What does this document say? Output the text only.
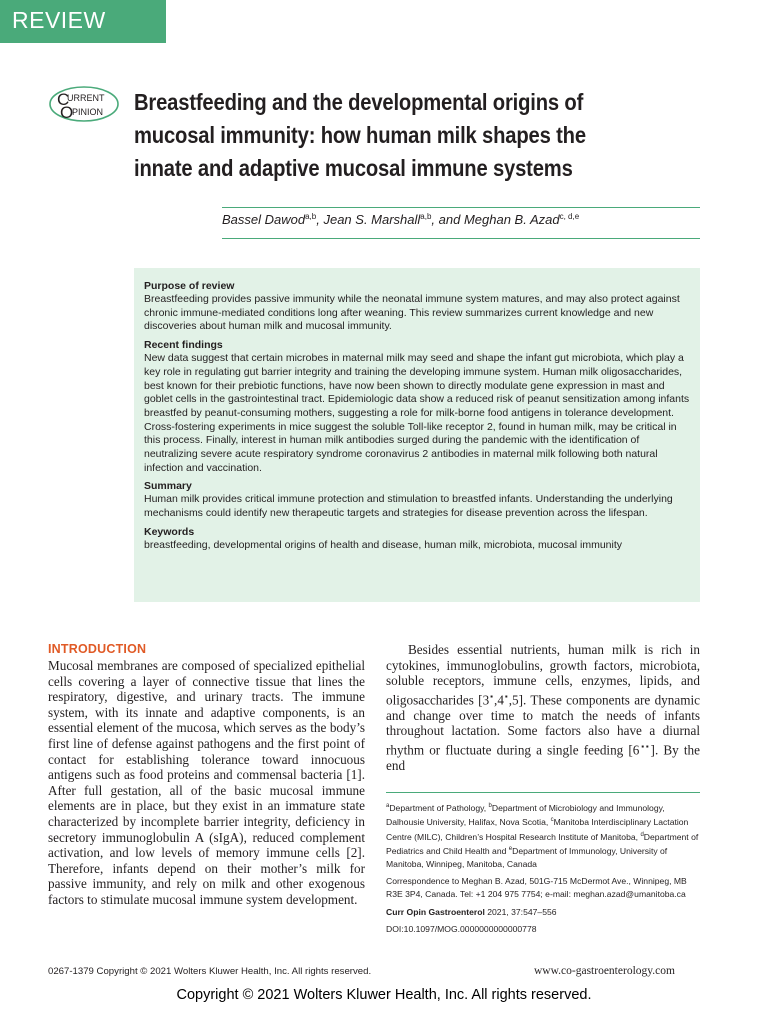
REVIEW
C
URRENT
O
PINION Breastfeeding and the developmental origins of
mucosal immunity: how human milk shapes the
innate and adaptive mucosal immune systems
Bassel Dawod$^{a,b}$, Jean S. Marshall$^{a,b}$, and Meghan B. Azad$^{c, d,e}$
Purpose of review

Breastfeeding provides passive immunity while the neonatal immune system matures, and may also protect against chronic immune-mediated conditions long after weaning. This review summarizes current knowledge and new discoveries about human milk and mucosal immunity.

Recent findings

New data suggest that certain microbes in maternal milk may seed and shape the infant gut microbiota, which play a key role in regulating gut barrier integrity and training the developing immune system. Human milk oligosaccharides, best known for their prebiotic functions, have now been shown to directly modulate gene expression in mast and goblet cells in the gastrointestinal tract. Epidemiologic data show a reduced risk of peanut sensitization among infants breastfed by peanut-consuming mothers, suggesting a role for milk-borne food antigens in tolerance development. Cross-fostering experiments in mice suggest the soluble Toll-like receptor 2, found in human milk, may be critical in this process. Finally, interest in human milk antibodies surged during the pandemic with the identification of neutralizing severe acute respiratory syndrome coronavirus 2 antibodies in maternal milk following both natural infection and vaccination.

Summary

Human milk provides critical immune protection and stimulation to breastfed infants. Understanding the underlying mechanisms could identify new therapeutic targets and strategies for disease prevention across the lifespan.

Keywords

breastfeeding, developmental origins of health and disease, human milk, microbiota, mucosal immunity

INTRODUCTION

Mucosal membranes are composed of specialized epithelial cells covering a layer of connective tissue that lines the respiratory, digestive, and urinary tracts. The immune system, with its innate and adaptive components, is an essential element of the mucosa, which serves as the body’s first line of defense against pathogens and the first point of contact for establishing tolerance toward innocuous antigens such as food proteins and commensal bacteria [1]. After full gestation, all of the basic mucosal immune elements are in place, but they exist in an immature state characterized by incomplete barrier integrity, deficiency in secretory immunoglobulin A (sIgA), reduced complement activation, and low levels of memory immune cells [2]. Therefore, infants depend on their mother’s milk for passive immunity, and rely on milk and other exogenous factors to stimulate mucosal immune system development.

Besides essential nutrients, human milk is rich in cytokines, immunoglobulins, growth factors, microbiota, soluble receptors, immune cells, enzymes, lipids, and oligosaccharides [3▪,4▪,5]. These components are dynamic and change over time to match the needs of infants throughout lactation. Some factors also have a diurnal rhythm or fluctuate during a single feeding [6▪▪]. By the end

$^a$Department of Pathology, $^b$Department of Microbiology and Immunology, Dalhousie University, Halifax, Nova Scotia, $^c$Manitoba Interdisciplinary Lactation Centre (MILC), Children’s Hospital Research Institute of Manitoba, $^d$Department of Pediatrics and Child Health and $^e$Department of Immunology, University of Manitoba, Winnipeg, Manitoba, Canada

Correspondence to Meghan B. Azad, 501G-715 McDermot Ave., Winnipeg, MB R3E 3P4, Canada. Tel: +1 204 975 7754; e-mail: meghan.azad@umanitoba.ca

Curr Opin Gastroenterol 2021, 37:547–556

DOI:10.1097/MOG.0000000000000778

0267-1379 Copyright © 2021 Wolters Kluwer Health, Inc. All rights reserved.	www.co-gastroenterology.com
Copyright © 2021 Wolters Kluwer Health, Inc. All rights reserved.
